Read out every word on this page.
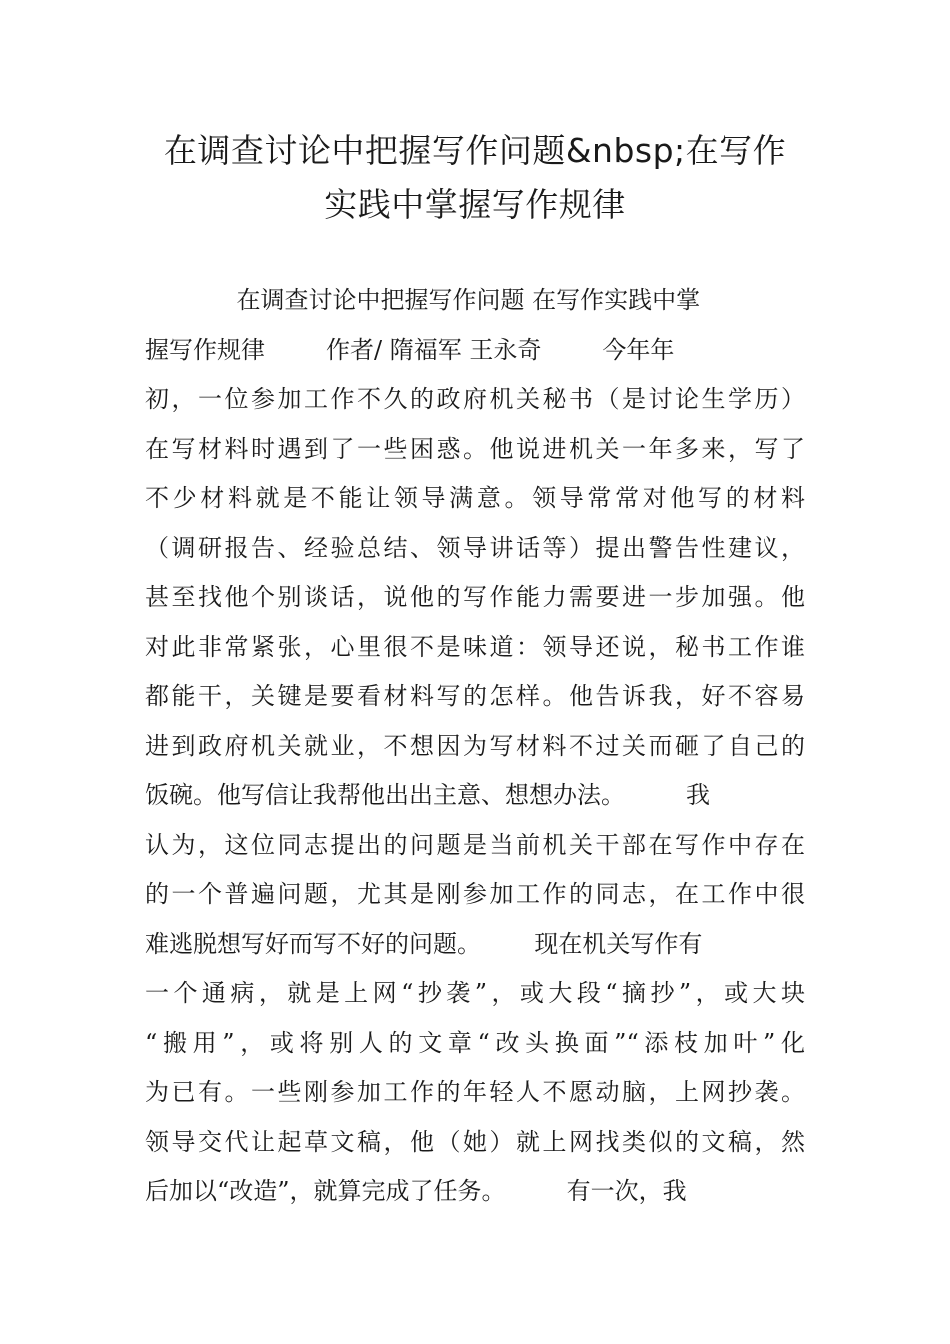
在调查讨论中把握写作问题&nbsp;在写作
实践中掌握写作规律
在调查讨论中把握写作问题 在写作实践中掌
握写作规律        作者/ 隋福军 王永奇        今年年
初，一位参加工作不久的政府机关秘书（是讨论生学历）
在写材料时遇到了一些困惑。他说进机关一年多来，写了
不少材料就是不能让领导满意。领导常常对他写的材料
（调研报告、经验总结、领导讲话等）提出警告性建议，
甚至找他个别谈话，说他的写作能力需要进一步加强。他
对此非常紧张，心里很不是味道：领导还说，秘书工作谁
都能干，关键是要看材料写的怎样。他告诉我，好不容易
进到政府机关就业，不想因为写材料不过关而砸了自己的
饭碗。他写信让我帮他出出主意、想想办法。        我
认为，这位同志提出的问题是当前机关干部在写作中存在
的一个普遍问题，尤其是刚参加工作的同志，在工作中很
难逃脱想写好而写不好的问题。       现在机关写作有
一个通病，就是上网“抄袭”，或大段“摘抄”，或大块
“搬用”，或将别人的文章“改头换面”“添枝加叶”化
为已有。一些刚参加工作的年轻人不愿动脑，上网抄袭。
领导交代让起草文稿，他（她）就上网找类似的文稿，然
后加以“改造”，就算完成了任务。        有一次，我
